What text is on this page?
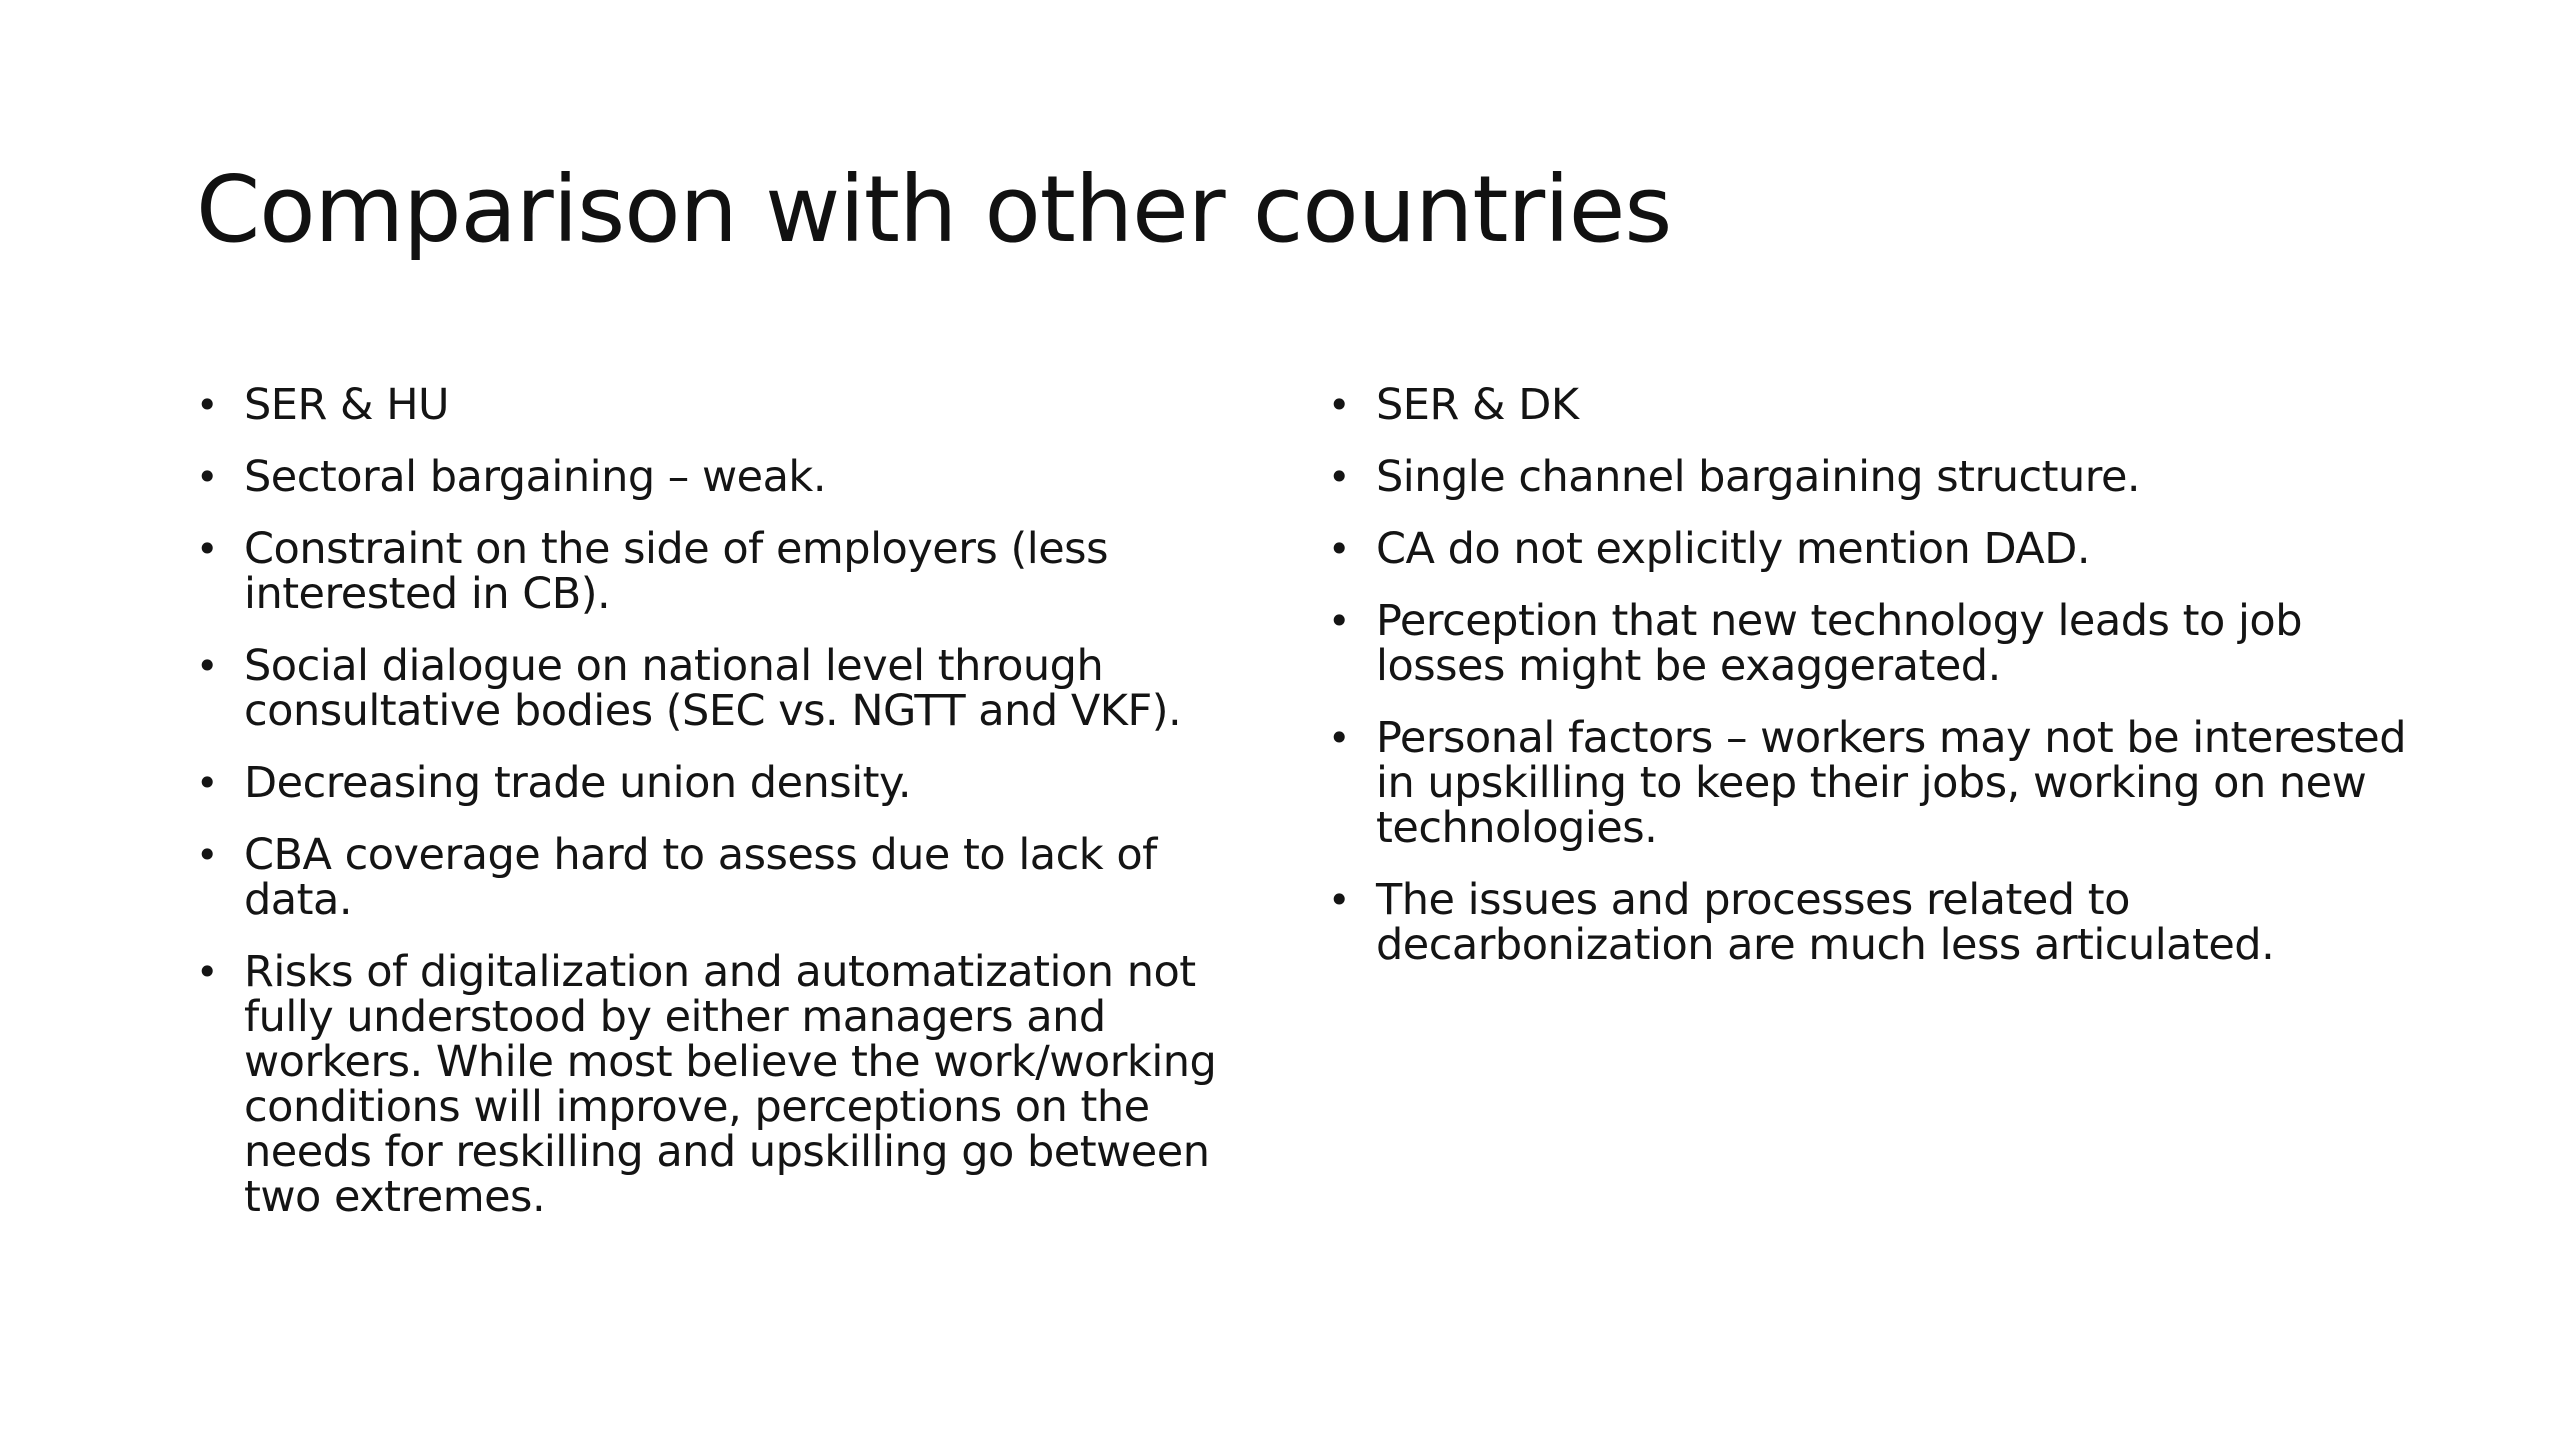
Comparison with other countries
• SER & HU
• Sectoral bargaining – weak.
• Constraint on the side of employers (less interested in CB).
• Social dialogue on national level through consultative bodies (SEC vs. NGTT and VKF).
• Decreasing trade union density.
• CBA coverage hard to assess due to lack of data.
• Risks of digitalization and automatization not fully understood by either managers and workers. While most believe the work/working conditions will improve, perceptions on the needs for reskilling and upskilling go between two extremes.
• SER & DK
• Single channel bargaining structure.
• CA do not explicitly mention DAD.
• Perception that new technology leads to job losses might be exaggerated.
• Personal factors – workers may not be interested in upskilling to keep their jobs, working on new technologies.
• The issues and processes related to decarbonization are much less articulated.
